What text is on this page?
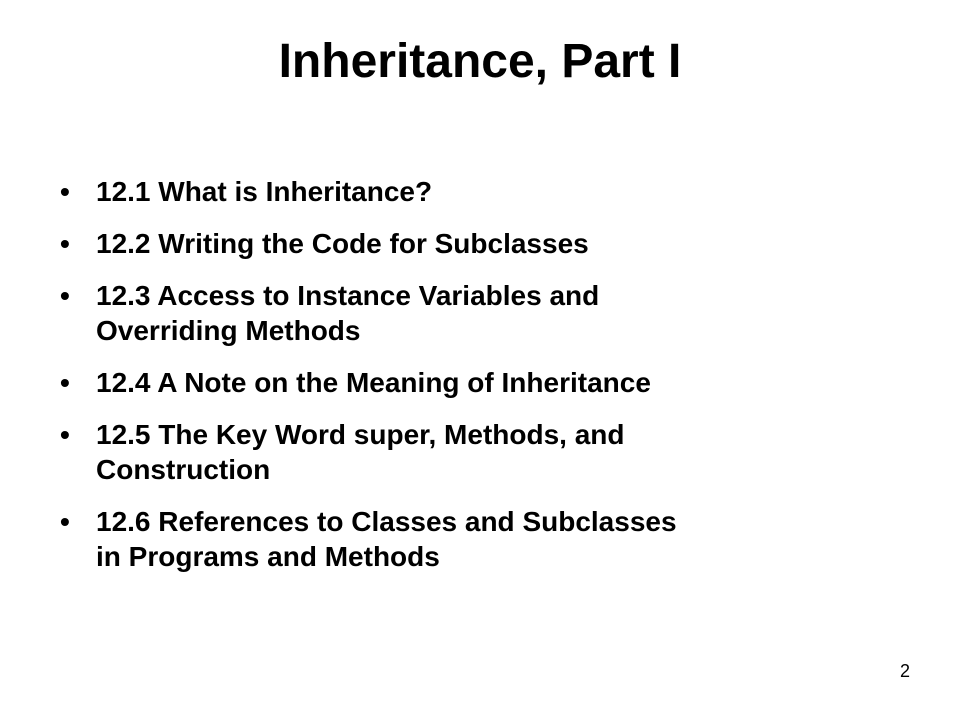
Inheritance, Part I
• 12.1 What is Inheritance?
• 12.2 Writing the Code for Subclasses
• 12.3 Access to Instance Variables and
Overriding Methods
• 12.4 A Note on the Meaning of Inheritance
• 12.5 The Key Word super, Methods, and
Construction
• 12.6 References to Classes and Subclasses
in Programs and Methods
2
